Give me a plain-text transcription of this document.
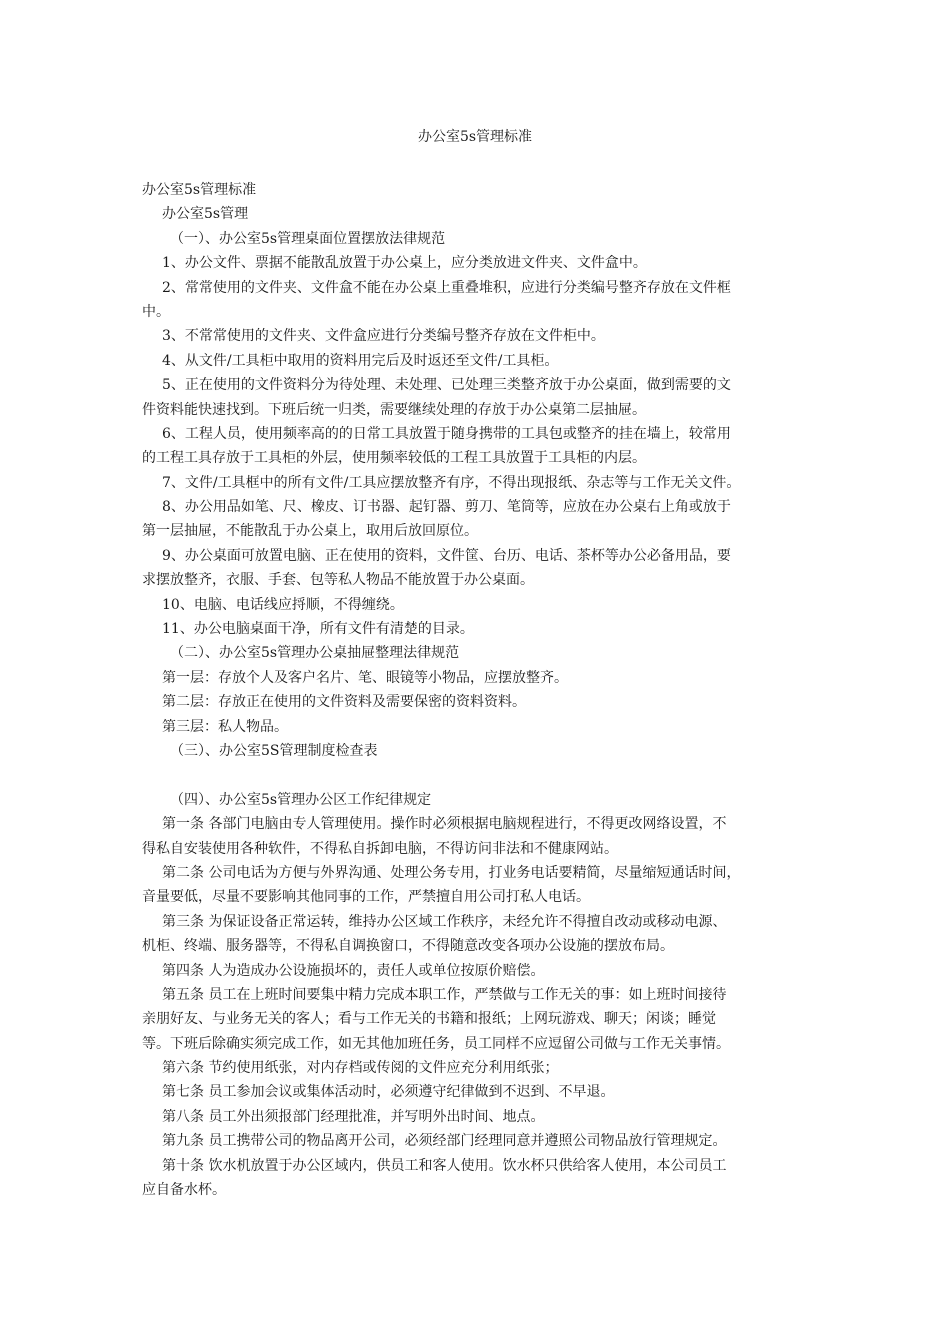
办公室5s管理标准
办公室5s管理标准
办公室5s管理
（一）、办公室5s管理桌面位置摆放法律规范
1、办公文件、票据不能散乱放置于办公桌上，应分类放进文件夹、文件盒中。
2、常常使用的文件夹、文件盒不能在办公桌上重叠堆积，应进行分类编号整齐存放在文件框
中。
3、不常常使用的文件夹、文件盒应进行分类编号整齐存放在文件柜中。
4、从文件/工具柜中取用的资料用完后及时返还至文件/工具柜。
5、正在使用的文件资料分为待处理、未处理、已处理三类整齐放于办公桌面，做到需要的文
件资料能快速找到。下班后统一归类，需要继续处理的存放于办公桌第二层抽屉。
6、工程人员，使用频率高的的日常工具放置于随身携带的工具包或整齐的挂在墙上，较常用
的工程工具存放于工具柜的外层，使用频率较低的工程工具放置于工具柜的内层。
7、文件/工具框中的所有文件/工具应摆放整齐有序，不得出现报纸、杂志等与工作无关文件。
8、办公用品如笔、尺、橡皮、订书器、起钉器、剪刀、笔筒等，应放在办公桌右上角或放于
第一层抽屉，不能散乱于办公桌上，取用后放回原位。
9、办公桌面可放置电脑、正在使用的资料，文件筐、台历、电话、茶杯等办公必备用品，要
求摆放整齐，衣服、手套、包等私人物品不能放置于办公桌面。
10、电脑、电话线应捋顺，不得缠绕。
11、办公电脑桌面干净，所有文件有清楚的目录。
（二）、办公室5s管理办公桌抽屉整理法律规范
第一层：存放个人及客户名片、笔、眼镜等小物品，应摆放整齐。
第二层：存放正在使用的文件资料及需要保密的资料资料。
第三层：私人物品。
（三）、办公室5S管理制度检查表
（四）、办公室5s管理办公区工作纪律规定
第一条 各部门电脑由专人管理使用。操作时必须根据电脑规程进行，不得更改网络设置，不
得私自安装使用各种软件，不得私自拆卸电脑，不得访问非法和不健康网站。
第二条 公司电话为方便与外界沟通、处理公务专用，打业务电话要精简，尽量缩短通话时间，
音量要低，尽量不要影响其他同事的工作，严禁擅自用公司打私人电话。
第三条 为保证设备正常运转，维持办公区域工作秩序，未经允许不得擅自改动或移动电源、
机柜、终端、服务器等，不得私自调换窗口，不得随意改变各项办公设施的摆放布局。
第四条 人为造成办公设施损坏的，责任人或单位按原价赔偿。
第五条 员工在上班时间要集中精力完成本职工作，严禁做与工作无关的事：如上班时间接待
亲朋好友、与业务无关的客人；看与工作无关的书籍和报纸；上网玩游戏、聊天；闲谈；睡觉
等。下班后除确实须完成工作，如无其他加班任务，员工同样不应逗留公司做与工作无关事情。
第六条 节约使用纸张，对内存档或传阅的文件应充分利用纸张；
第七条 员工参加会议或集体活动时，必须遵守纪律做到不迟到、不早退。
第八条 员工外出须报部门经理批准，并写明外出时间、地点。
第九条 员工携带公司的物品离开公司，必须经部门经理同意并遵照公司物品放行管理规定。
第十条 饮水机放置于办公区域内，供员工和客人使用。饮水杯只供给客人使用，本公司员工
应自备水杯。
